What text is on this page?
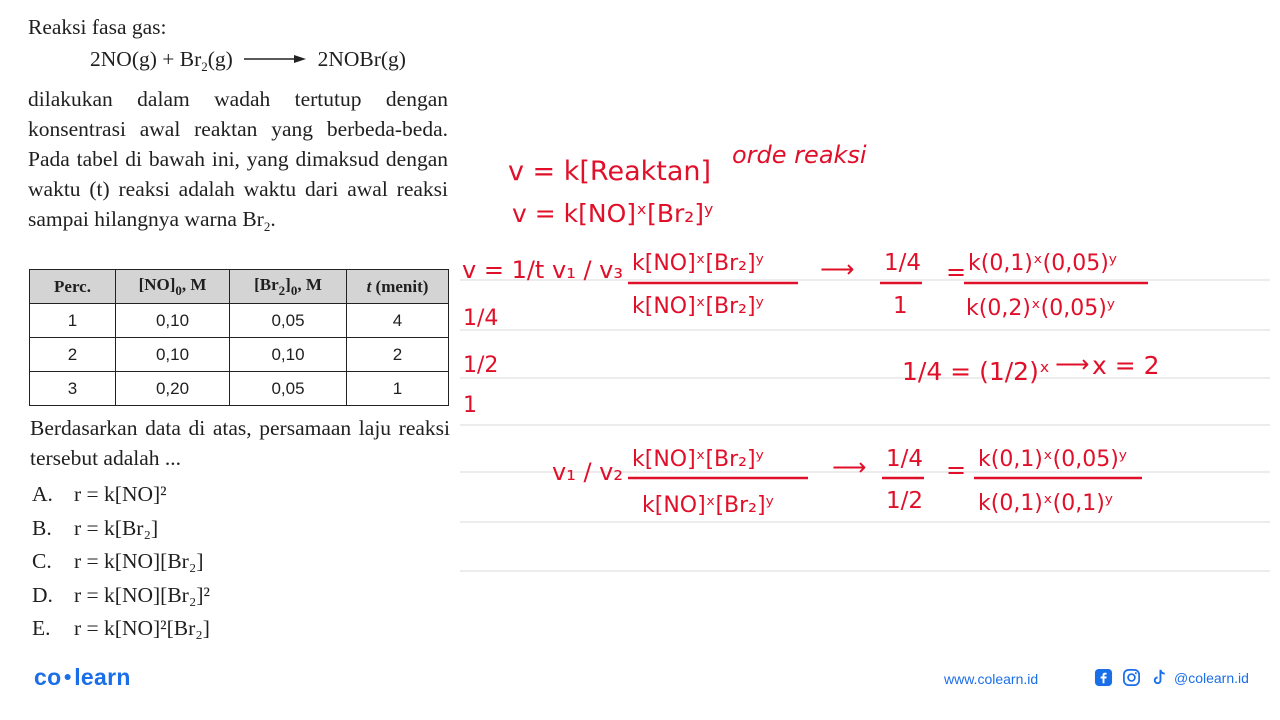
Reaksi fasa gas:

$2NO(g) + Br_2(g)$ → 2NOBr(g)

dilakukan dalam wadah tertutup dengan konsentrasi awal reaktan yang berbeda-beda. Pada tabel di bawah ini, yang dimaksud dengan waktu (t) reaksi adalah waktu dari awal reaksi sampai hilangnya warna $Br_2$.

Perc.	$[NO]_0$, M	$[Br_2]_0$, M	t (menit)
1	0,10	0,05	4
2	0,10	0,10	2
3	0,20	0,05	1

Berdasarkan data di atas, persamaan laju reaksi tersebut adalah ...

A. r = k[NO]²
B.	r = k[Br₂]
C.	r = k[NO][Br₂]
D. r = k[NO][Br₂]²
E.	r = k[NO]²[Br₂]
v = k[Reaktan]
orde reaksi
v = k[NO]ˣ[Br₂]ʸ
v = 1/t v₁ / v₃ k[NO]ˣ[Br₂]ʸ
k[NO]ˣ[Br₂]ʸ
⟶ 1/4
1
= k(0,1)ˣ(0,05)ʸ
k(0,2)ˣ(0,05)ʸ
1/4
1/2
1
1/4 = (1/2)ˣ ⟶ x = 2
v₁ / v₂ k[NO]ˣ[Br₂]ʸ
k[NO]ˣ[Br₂]ʸ
⟶ 1/4
1/2
= k(0,1)ˣ(0,05)ʸ
k(0,1)ˣ(0,1)ʸ
co ●learn	www.colearn.id	@colearn.id
